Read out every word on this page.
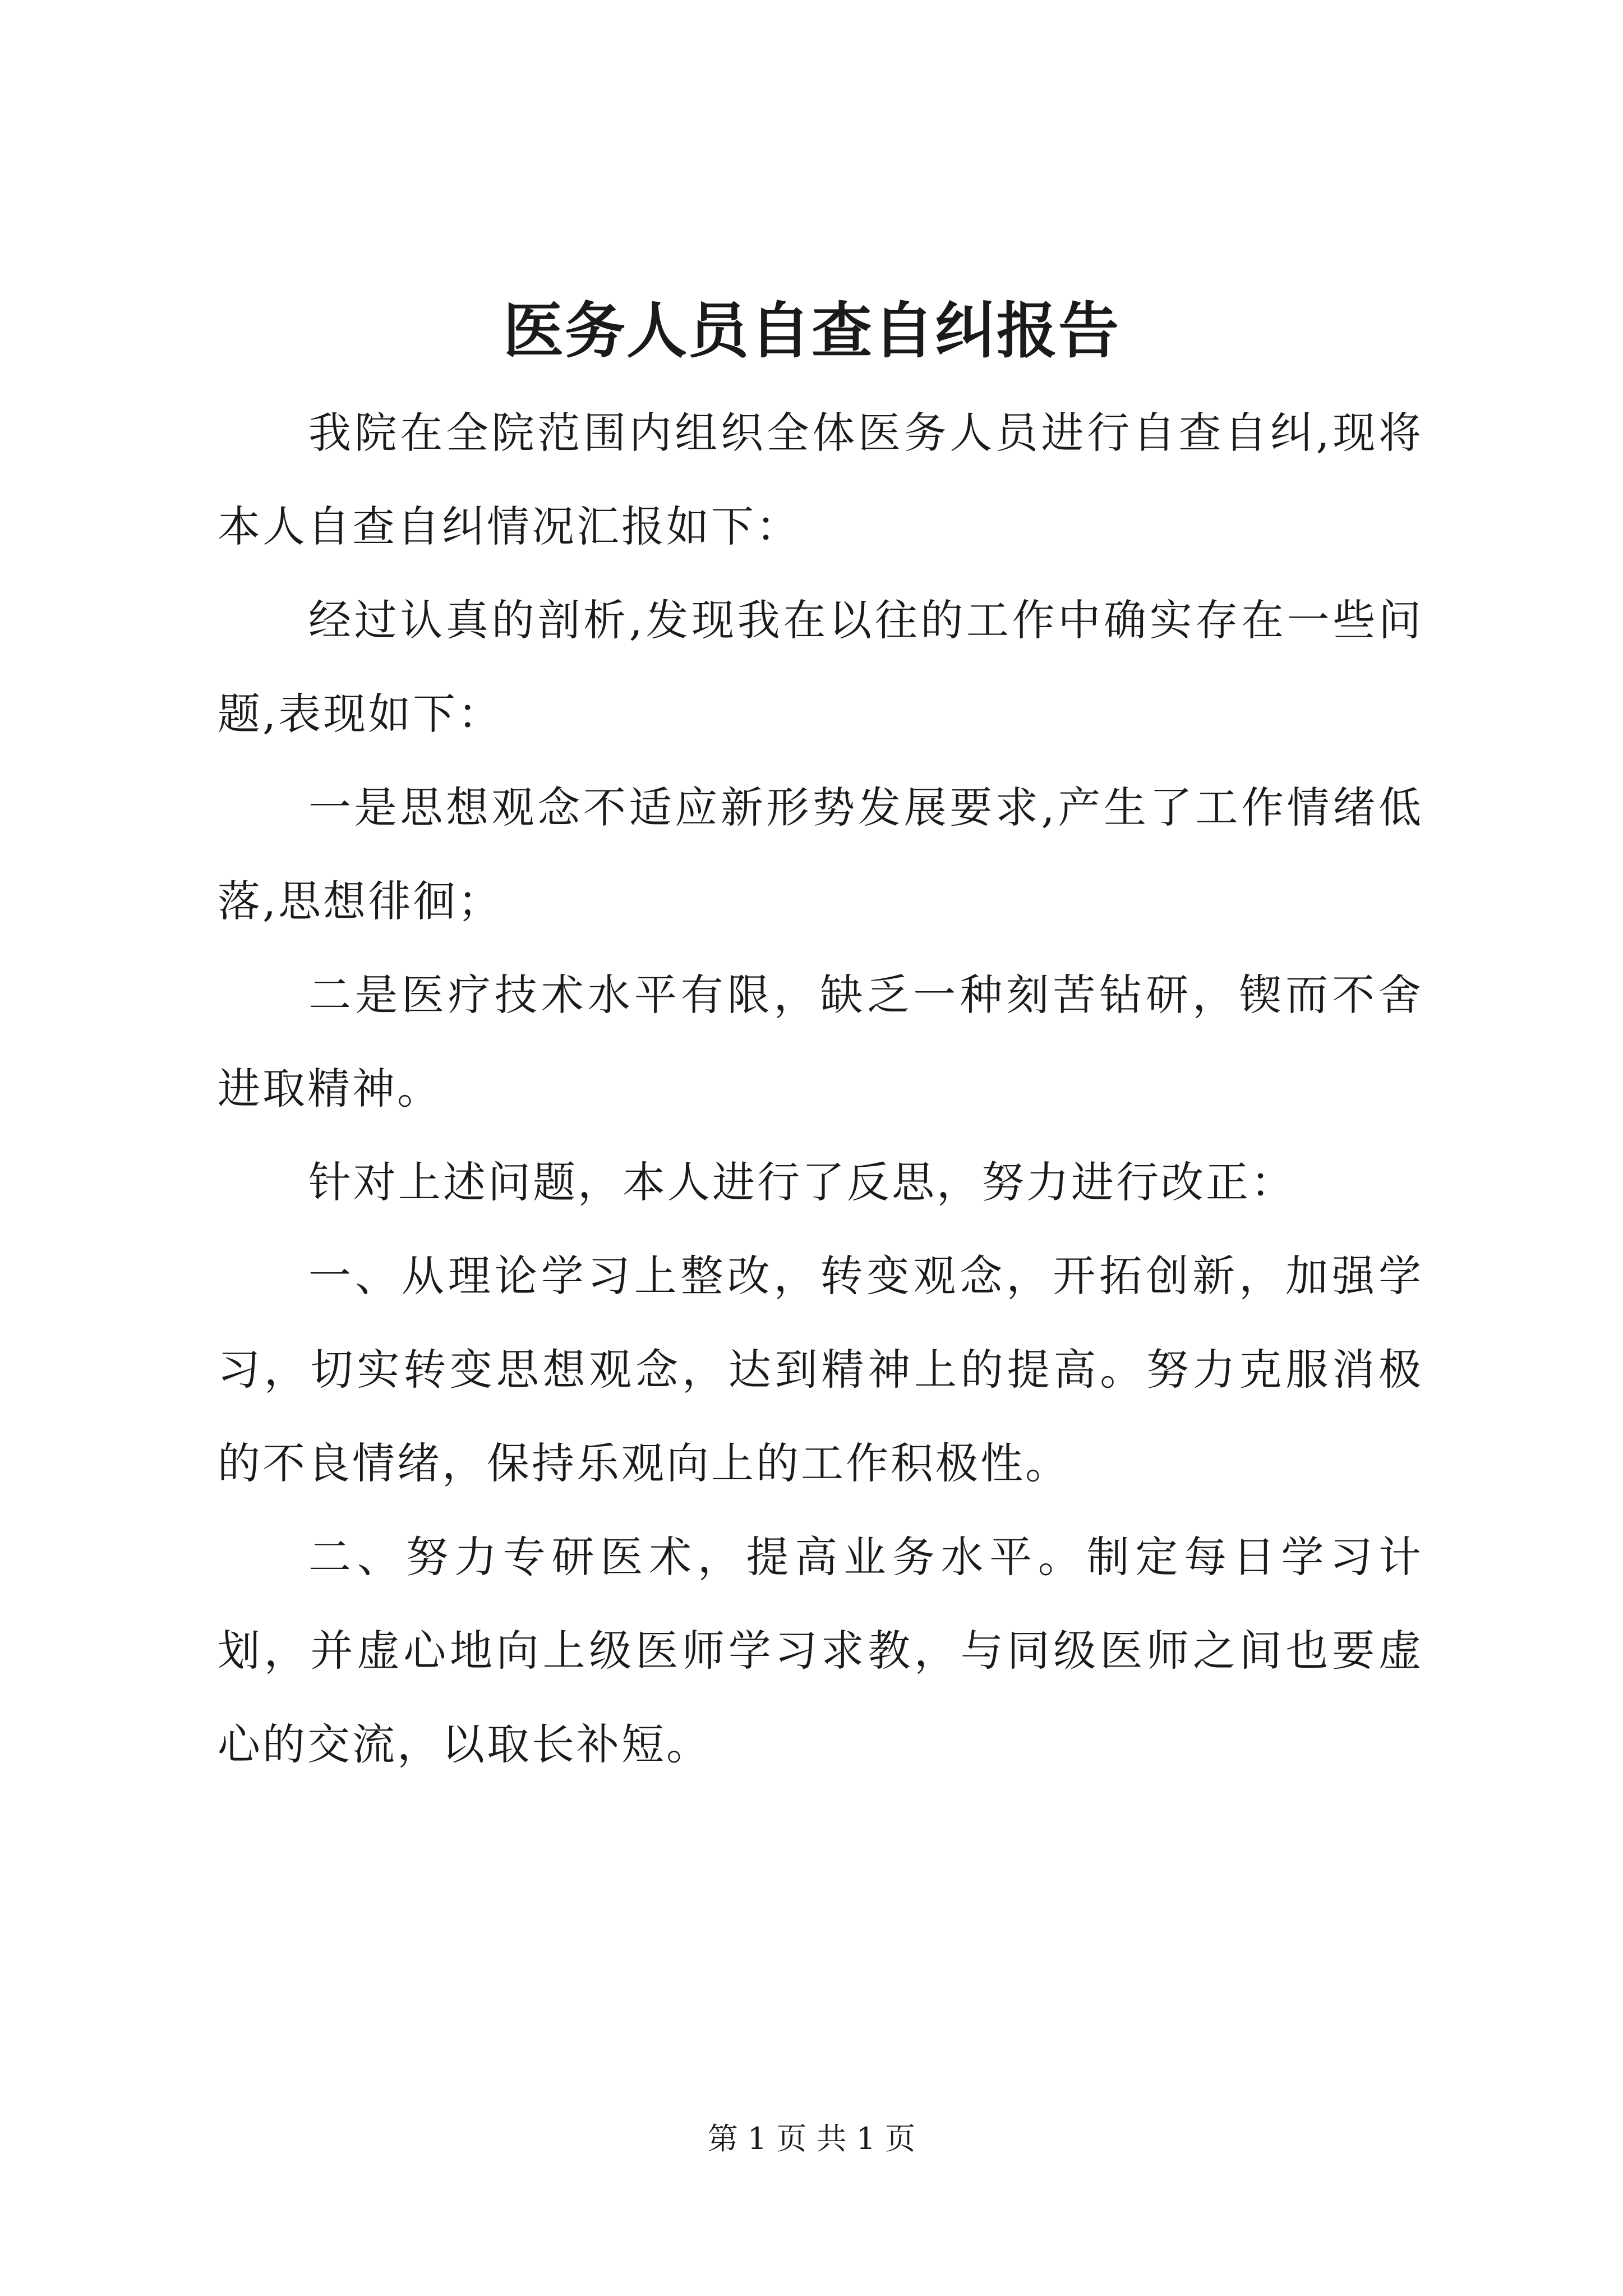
医务人员自查自纠报告

我院在全院范围内组织全体医务人员进行自查自纠,现将本人自查自纠情况汇报如下：

经过认真的剖析,发现我在以往的工作中确实存在一些问题,表现如下：

一是思想观念不适应新形势发展要求,产生了工作情绪低落,思想徘徊；

二是医疗技术水平有限，缺乏一种刻苦钻研，锲而不舍进取精神。

针对上述问题，本人进行了反思，努力进行改正：

一、从理论学习上整改，转变观念，开拓创新，加强学习，切实转变思想观念，达到精神上的提高。努力克服消极的不良情绪，保持乐观向上的工作积极性。

二、努力专研医术，提高业务水平。制定每日学习计划，并虚心地向上级医师学习求教，与同级医师之间也要虚心的交流，以取长补短。

第 1 页 共 1 页
